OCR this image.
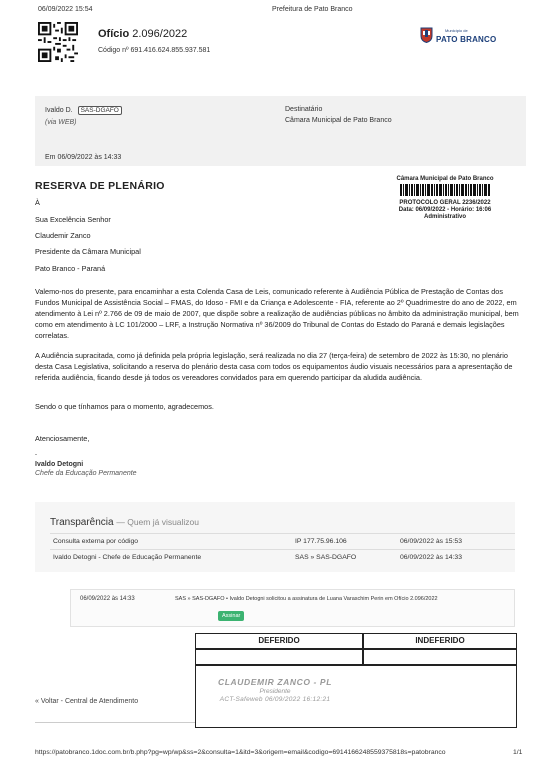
06/09/2022 15:54	Prefeitura de Pato Branco
Ofício 2.096/2022
Código nº 691.416.624.855.937.581
Município de
PATO BRANCO
Ivaldo D. SAS-DGAFO
(via WEB)
Destinatário
Câmara Municipal de Pato Branco
Em 06/09/2022 às 14:33
RESERVA DE PLENÁRIO
Câmara Municipal de Pato Branco
PROTOCOLO GERAL 2236/2022
Data: 06/09/2022 - Horário: 16:06
Administrativo
À
Sua Excelência Senhor
Claudemir Zanco
Presidente da Câmara Municipal
Pato Branco - Paraná
Valemo-nos do presente, para encaminhar a esta Colenda Casa de Leis, comunicado referente à Audiência Pública de Prestação de Contas dos Fundos Municipal de Assistência Social – FMAS, do Idoso - FMI e da Criança e Adolescente - FIA, referente ao 2º Quadrimestre do ano de 2022, em atendimento à Lei nº 2.766 de 09 de maio de 2007, que dispõe sobre a realização de audiências públicas no âmbito da administração municipal, bem como em atendimento à LC 101/2000 – LRF, a Instrução Normativa nº 36/2009 do Tribunal de Contas do Estado do Paraná e demais legislações correlatas.
A Audiência supracitada, como já definida pela própria legislação, será realizada no dia 27 (terça-feira) de setembro de 2022 às 15:30, no plenário desta Casa Legislativa, solicitando a reserva do plenário desta casa com todos os equipamentos áudio visuais necessários para a apresentação de referida audiência, ficando desde já todos os vereadores convidados para em querendo participar da aludida audiência.
Sendo o que tínhamos para o momento, agradecemos.
Atenciosamente,
-
Ivaldo Detogni
Chefe da Educação Permanente
Transparência — Quem já visualizou
Consulta externa por código	IP 177.75.96.106	06/09/2022 às 15:53
Ivaldo Detogni - Chefe de Educação Permanente	SAS » SAS-DGAFO	06/09/2022 às 14:33
06/09/2022 às 14:33	SAS » SAS-DGAFO • Ivaldo Detogni solicitou a assinatura de Luana Varaschim Perin em Ofício 2.096/2022
Assinar
DEFERIDO	INDEFERIDO
CLAUDEMIR ZANCO - PL
Presidente
ACT-Safeweb 06/09/2022 16:12:21
« Voltar - Central de Atendimento
https://patobranco.1doc.com.br/b.php?pg=wp/wp&ss=2&consulta=1&itd=3&origem=email&codigo=6914166248559375818s=patobranco	1/1
